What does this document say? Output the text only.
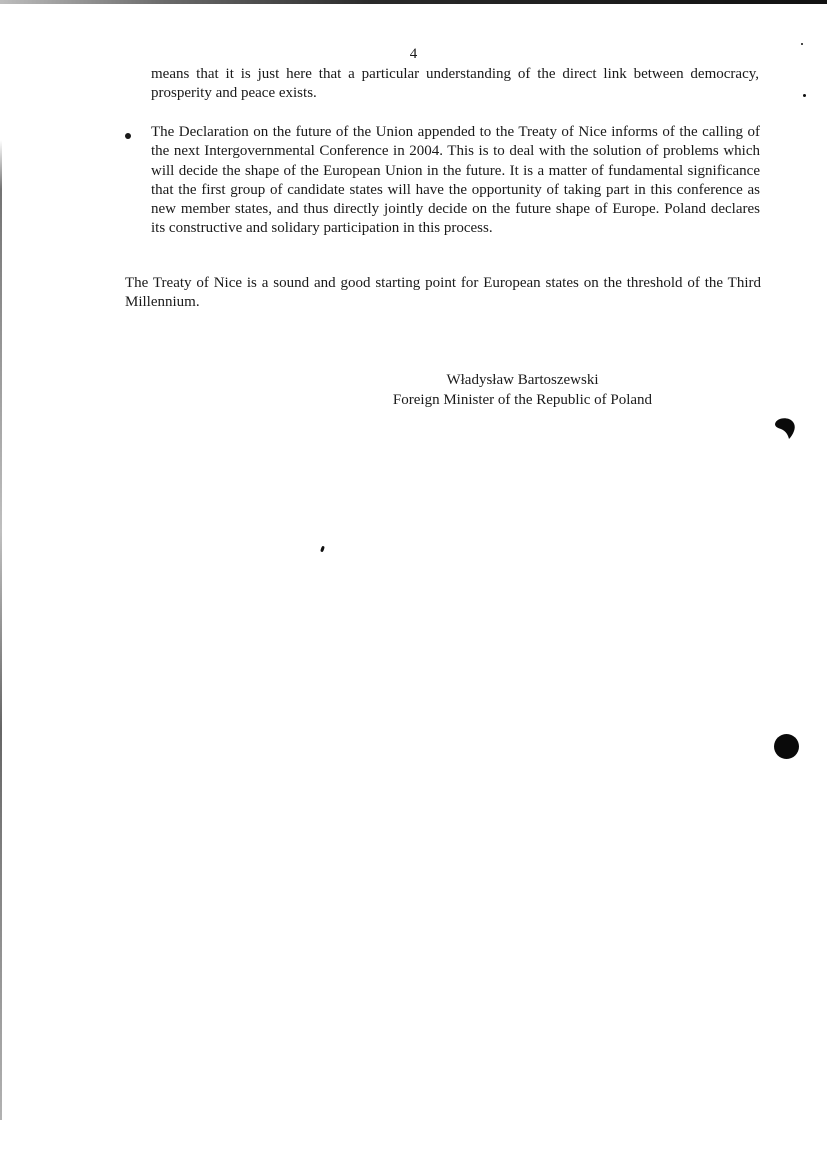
4

means that it is just here that a particular understanding of the direct link between democracy, prosperity and peace exists.

The Declaration on the future of the Union appended to the Treaty of Nice informs of the calling of the next Intergovernmental Conference in 2004. This is to deal with the solution of problems which will decide the shape of the European Union in the future. It is a matter of fundamental significance that the first group of candidate states will have the opportunity of taking part in this conference as new member states, and thus directly jointly decide on the future shape of Europe. Poland declares its constructive and solidary participation in this process.

The Treaty of Nice is a sound and good starting point for European states on the threshold of the Third Millennium.

Władysław Bartoszewski
Foreign Minister of the Republic of Poland
